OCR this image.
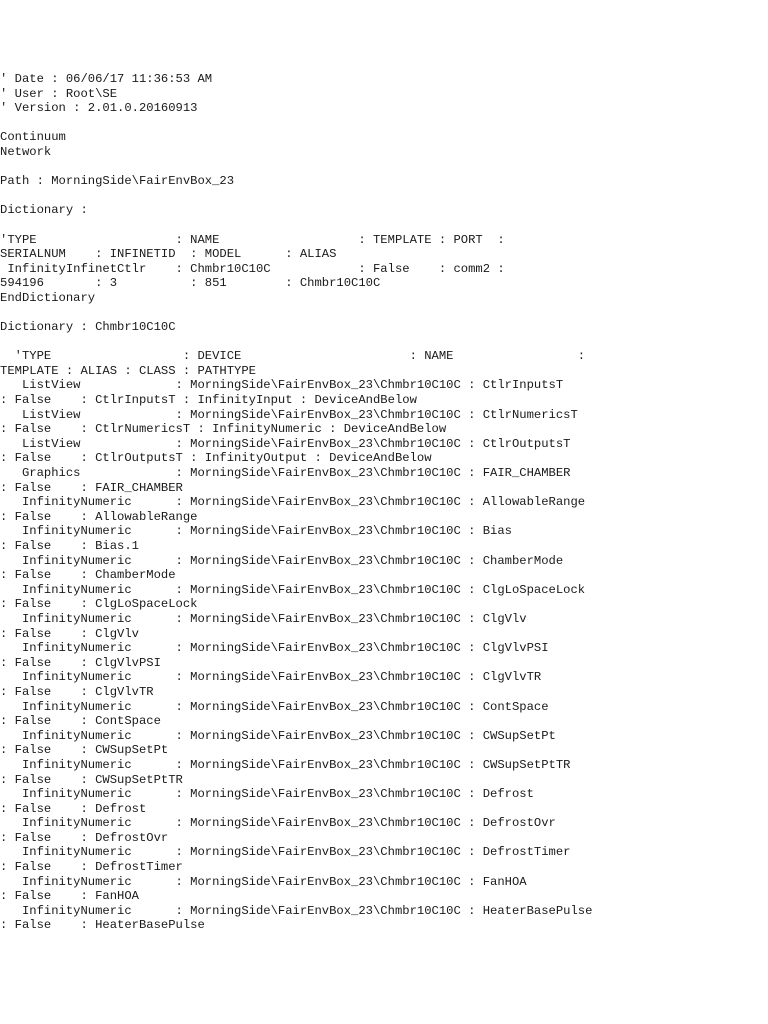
' Date : 06/06/17 11:36:53 AM
' User : Root\SE
' Version : 2.01.0.20160913

Continuum
Network

Path : MorningSide\FairEnvBox_23

Dictionary :

'TYPE                   : NAME                   : TEMPLATE : PORT  :
SERIALNUM    : INFINETID  : MODEL      : ALIAS
InfinityInfinetCtlr    : Chmbr10C10C            : False    : comm2 :
594196       : 3          : 851        : Chmbr10C10C
EndDictionary

Dictionary : Chmbr10C10C

'TYPE                  : DEVICE                       : NAME                 :
TEMPLATE : ALIAS : CLASS : PATHTYPE
ListView             : MorningSide\FairEnvBox_23\Chmbr10C10C : CtlrInputsT
: False    : CtlrInputsT : InfinityInput : DeviceAndBelow
ListView             : MorningSide\FairEnvBox_23\Chmbr10C10C : CtlrNumericsT
: False    : CtlrNumericsT : InfinityNumeric : DeviceAndBelow
ListView             : MorningSide\FairEnvBox_23\Chmbr10C10C : CtlrOutputsT
: False    : CtlrOutputsT : InfinityOutput : DeviceAndBelow
Graphics             : MorningSide\FairEnvBox_23\Chmbr10C10C : FAIR_CHAMBER
: False    : FAIR_CHAMBER
InfinityNumeric      : MorningSide\FairEnvBox_23\Chmbr10C10C : AllowableRange
: False    : AllowableRange
InfinityNumeric      : MorningSide\FairEnvBox_23\Chmbr10C10C : Bias
: False    : Bias.1
InfinityNumeric      : MorningSide\FairEnvBox_23\Chmbr10C10C : ChamberMode
: False    : ChamberMode
InfinityNumeric      : MorningSide\FairEnvBox_23\Chmbr10C10C : ClgLoSpaceLock
: False    : ClgLoSpaceLock
InfinityNumeric      : MorningSide\FairEnvBox_23\Chmbr10C10C : ClgVlv
: False    : ClgVlv
InfinityNumeric      : MorningSide\FairEnvBox_23\Chmbr10C10C : ClgVlvPSI
: False    : ClgVlvPSI
InfinityNumeric      : MorningSide\FairEnvBox_23\Chmbr10C10C : ClgVlvTR
: False    : ClgVlvTR
InfinityNumeric      : MorningSide\FairEnvBox_23\Chmbr10C10C : ContSpace
: False    : ContSpace
InfinityNumeric      : MorningSide\FairEnvBox_23\Chmbr10C10C : CWSupSetPt
: False    : CWSupSetPt
InfinityNumeric      : MorningSide\FairEnvBox_23\Chmbr10C10C : CWSupSetPtTR
: False    : CWSupSetPtTR
InfinityNumeric      : MorningSide\FairEnvBox_23\Chmbr10C10C : Defrost
: False    : Defrost
InfinityNumeric      : MorningSide\FairEnvBox_23\Chmbr10C10C : DefrostOvr
: False    : DefrostOvr
InfinityNumeric      : MorningSide\FairEnvBox_23\Chmbr10C10C : DefrostTimer
: False    : DefrostTimer
InfinityNumeric      : MorningSide\FairEnvBox_23\Chmbr10C10C : FanHOA
: False    : FanHOA
InfinityNumeric      : MorningSide\FairEnvBox_23\Chmbr10C10C : HeaterBasePulse
: False    : HeaterBasePulse
